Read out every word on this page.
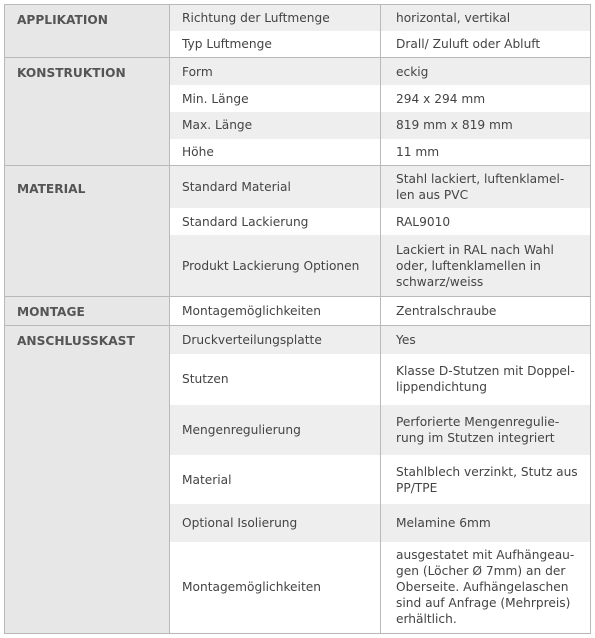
APPLIKATION	Richtung der Luftmenge	horizontal, vertikal
	Typ Luftmenge	Drall/ Zuluft oder Abluft
KONSTRUKTION	Form	eckig
	Min. Länge	294 x 294 mm
	Max. Länge	819 mm x 819 mm
	Höhe	11 mm
MATERIAL	Standard Material	Stahl lackiert, luftenklamel-
len aus PVC
	Standard Lackierung	RAL9010
	Produkt Lackierung Optionen	Lackiert in RAL nach Wahl
oder, luftenklamellen in
schwarz/weiss
MONTAGE	Montagemöglichkeiten	Zentralschraube
ANSCHLUSSKAST	Druckverteilungsplatte	Yes
	Stutzen	Klasse D-Stutzen mit Doppel-
lippendichtung
	Mengenregulierung	Perforierte Mengenregulie-
rung im Stutzen integriert
	Material	Stahlblech verzinkt, Stutz aus
PP/TPE
	Optional Isolierung	Melamine 6mm
	Montagemöglichkeiten	ausgestatet mit Aufhängeau-
gen (Löcher Ø 7mm) an der
Oberseite. Aufhängelaschen
sind auf Anfrage (Mehrpreis)
erhältlich.
